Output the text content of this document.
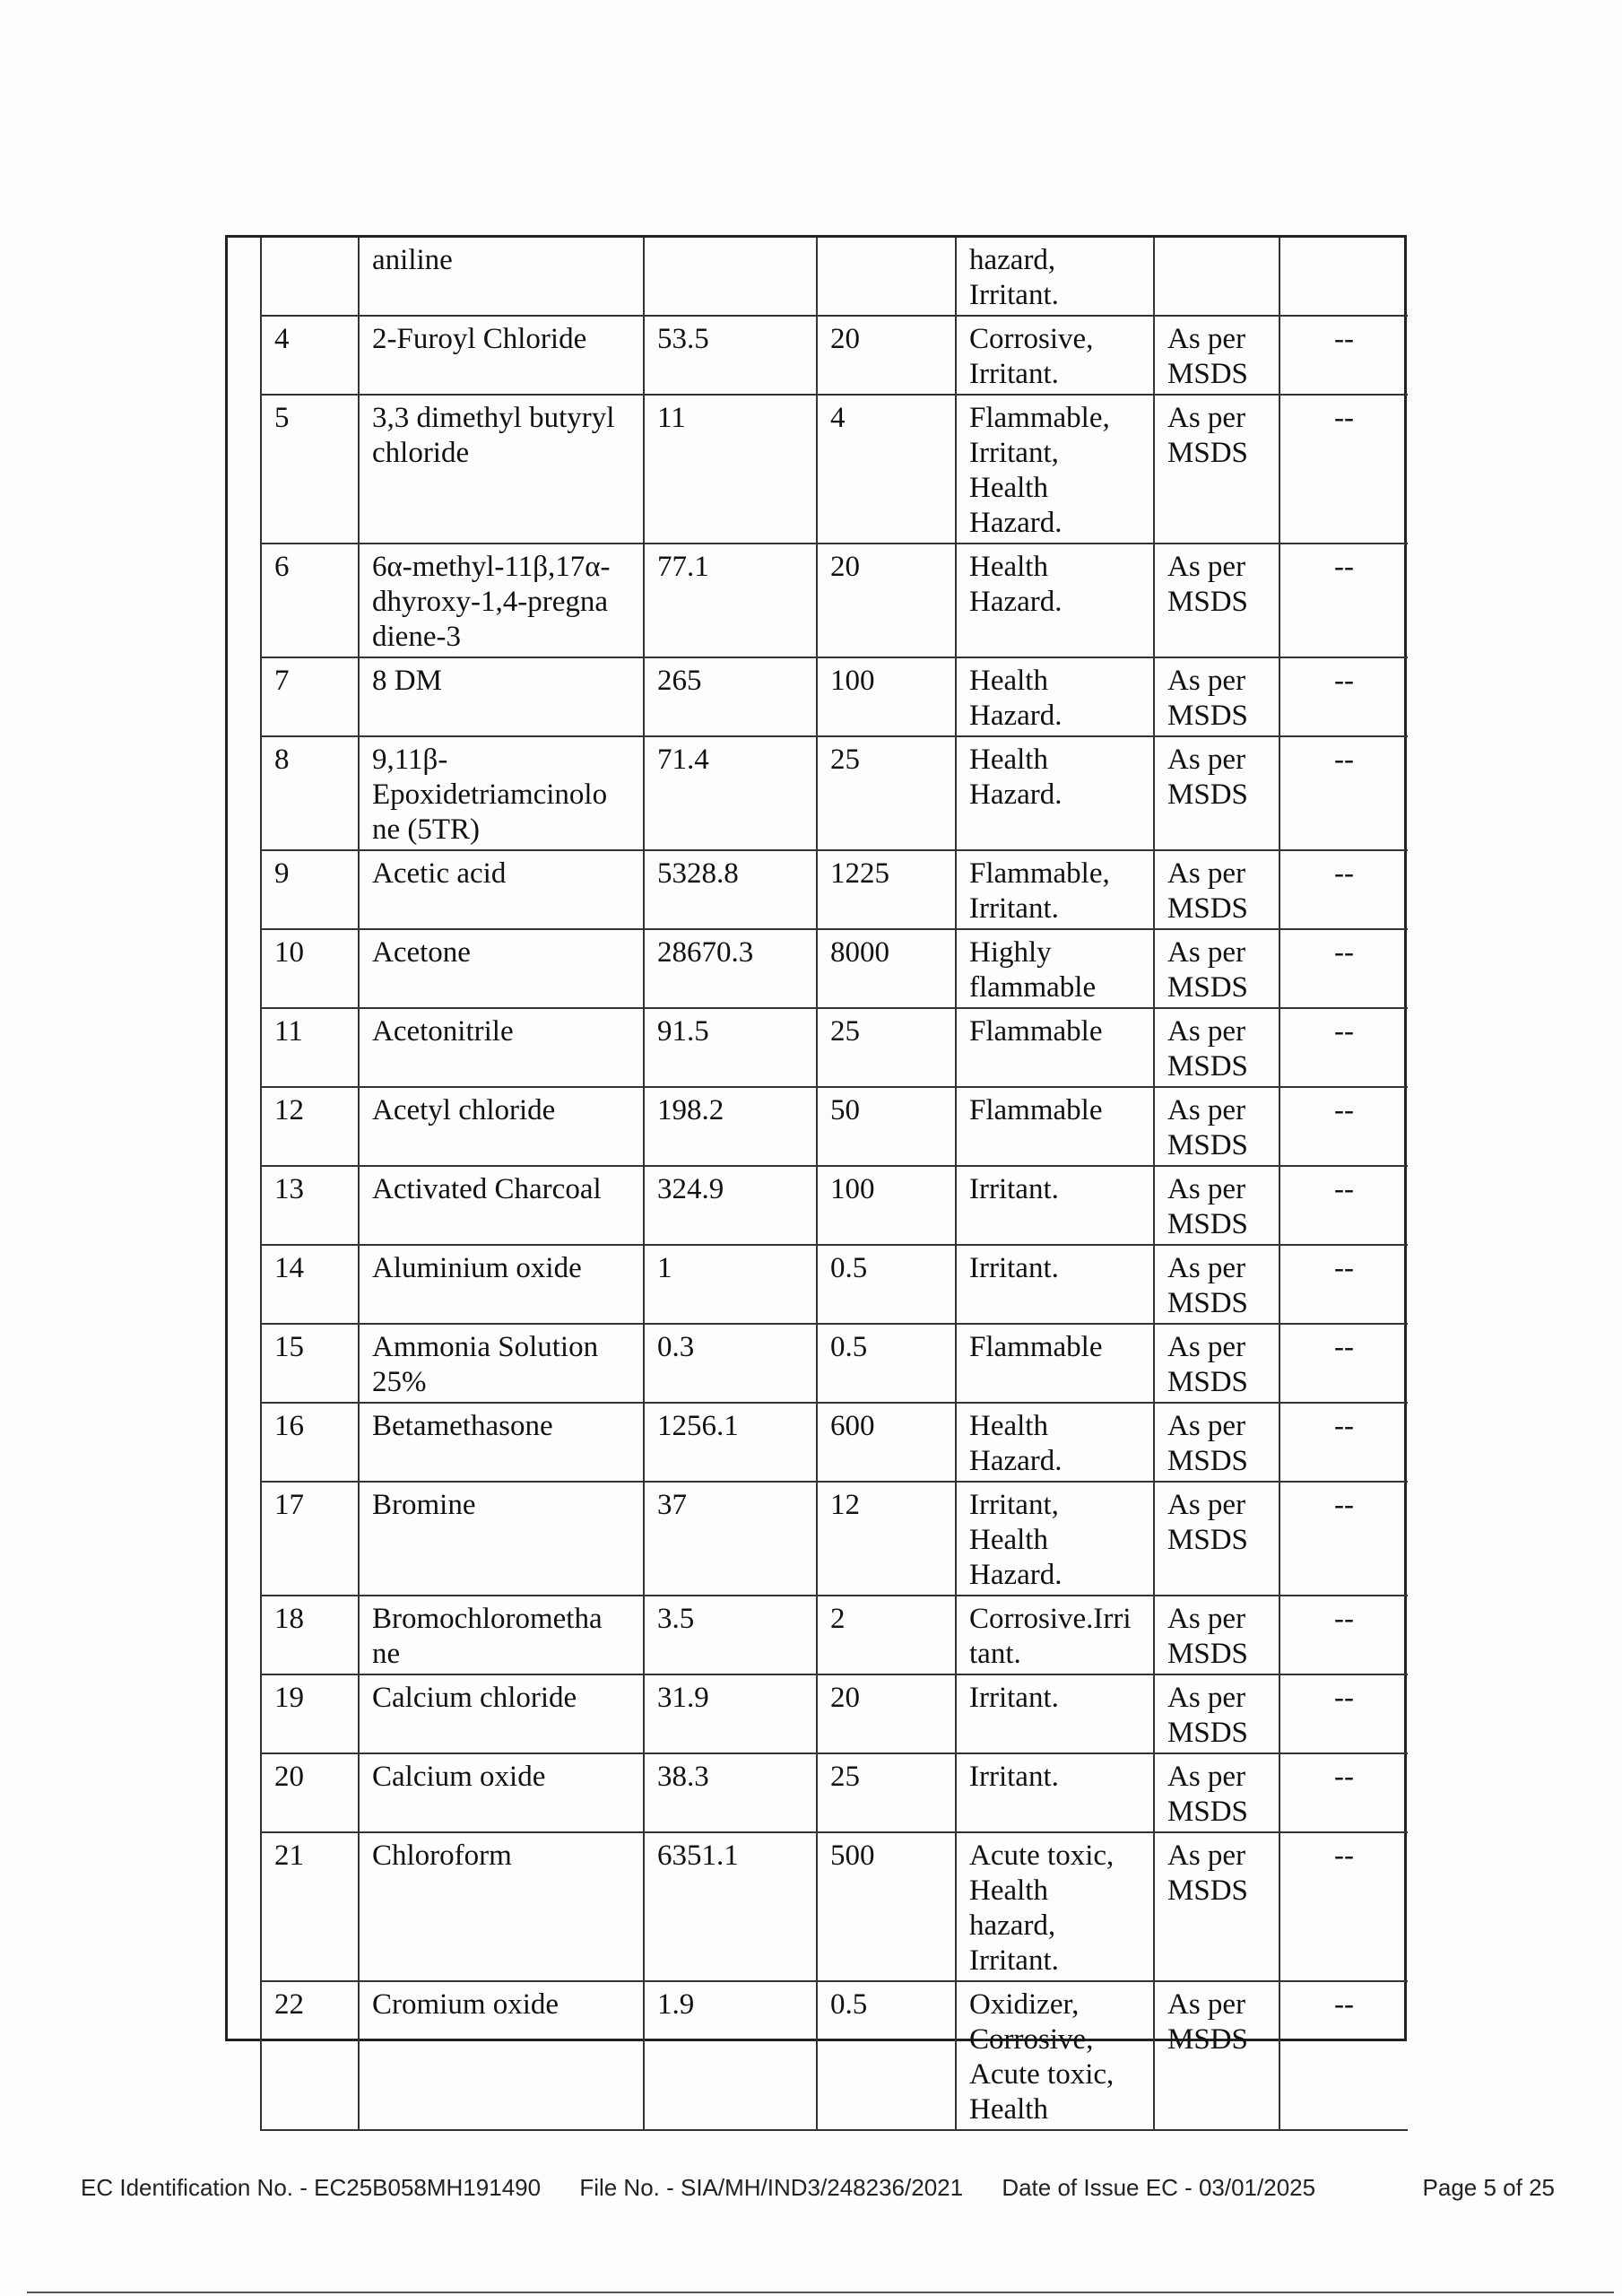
	aniline			hazard, Irritant.		
4	2-Furoyl Chloride	53.5	20	Corrosive, Irritant.	As per MSDS	--
5	3,3 dimethyl butyryl chloride	11	4	Flammable, Irritant, Health Hazard.	As per MSDS	--
6	6α-methyl-11β,17α-dhyroxy-1,4-pregna diene-3	77.1	20	Health Hazard.	As per MSDS	--
7	8 DM	265	100	Health Hazard.	As per MSDS	--
8	9,11β-Epoxidetriamcinolo ne (5TR)	71.4	25	Health Hazard.	As per MSDS	--
9	Acetic acid	5328.8	1225	Flammable, Irritant.	As per MSDS	--
10	Acetone	28670.3	8000	Highly flammable	As per MSDS	--
11	Acetonitrile	91.5	25	Flammable	As per MSDS	--
12	Acetyl chloride	198.2	50	Flammable	As per MSDS	--
13	Activated Charcoal	324.9	100	Irritant.	As per MSDS	--
14	Aluminium oxide	1	0.5	Irritant.	As per MSDS	--
15	Ammonia Solution 25%	0.3	0.5	Flammable	As per MSDS	--
16	Betamethasone	1256.1	600	Health Hazard.	As per MSDS	--
17	Bromine	37	12	Irritant, Health Hazard.	As per MSDS	--
18	Bromochlorometha ne	3.5	2	Corrosive.Irri tant.	As per MSDS	--
19	Calcium chloride	31.9	20	Irritant.	As per MSDS	--
20	Calcium oxide	38.3	25	Irritant.	As per MSDS	--
21	Chloroform	6351.1	500	Acute toxic, Health hazard, Irritant.	As per MSDS	--
22	Cromium oxide	1.9	0.5	Oxidizer, Corrosive, Acute toxic, Health	As per MSDS	--
EC Identification No. - EC25B058MH191490 File No. - SIA/MH/IND3/248236/2021 Date of Issue EC - 03/01/2025	Page 5 of 25
